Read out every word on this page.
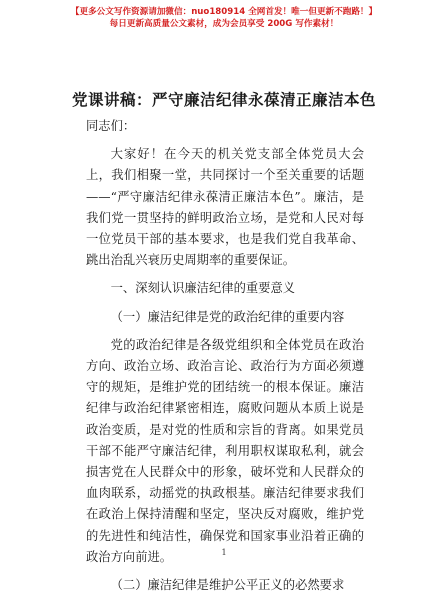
【更多公文写作资源请加微信：nuo180914 全网首发！唯一但更新不跑路！】
每日更新高质量公文素材，成为会员享受 200G 写作素材！
党课讲稿：严守廉洁纪律永葆清正廉洁本色

同志们：

大家好！在今天的机关党支部全体党员大会上，我们相聚一堂，共同探讨一个至关重要的话题——“严守廉洁纪律永葆清正廉洁本色”。廉洁，是我们党一贯坚持的鲜明政治立场，是党和人民对每一位党员干部的基本要求，也是我们党自我革命、跳出治乱兴衰历史周期率的重要保证。

一、深刻认识廉洁纪律的重要意义

（一）廉洁纪律是党的政治纪律的重要内容

党的政治纪律是各级党组织和全体党员在政治方向、政治立场、政治言论、政治行为方面必须遵守的规矩，是维护党的团结统一的根本保证。廉洁纪律与政治纪律紧密相连，腐败问题从本质上说是政治变质，是对党的性质和宗旨的背离。如果党员干部不能严守廉洁纪律，利用职权谋取私利，就会损害党在人民群众中的形象，破坏党和人民群众的血肉联系，动摇党的执政根基。廉洁纪律要求我们在政治上保持清醒和坚定，坚决反对腐败，维护党的先进性和纯洁性，确保党和国家事业沿着正确的政治方向前进。

（二）廉洁纪律是维护公平正义的必然要求

1
